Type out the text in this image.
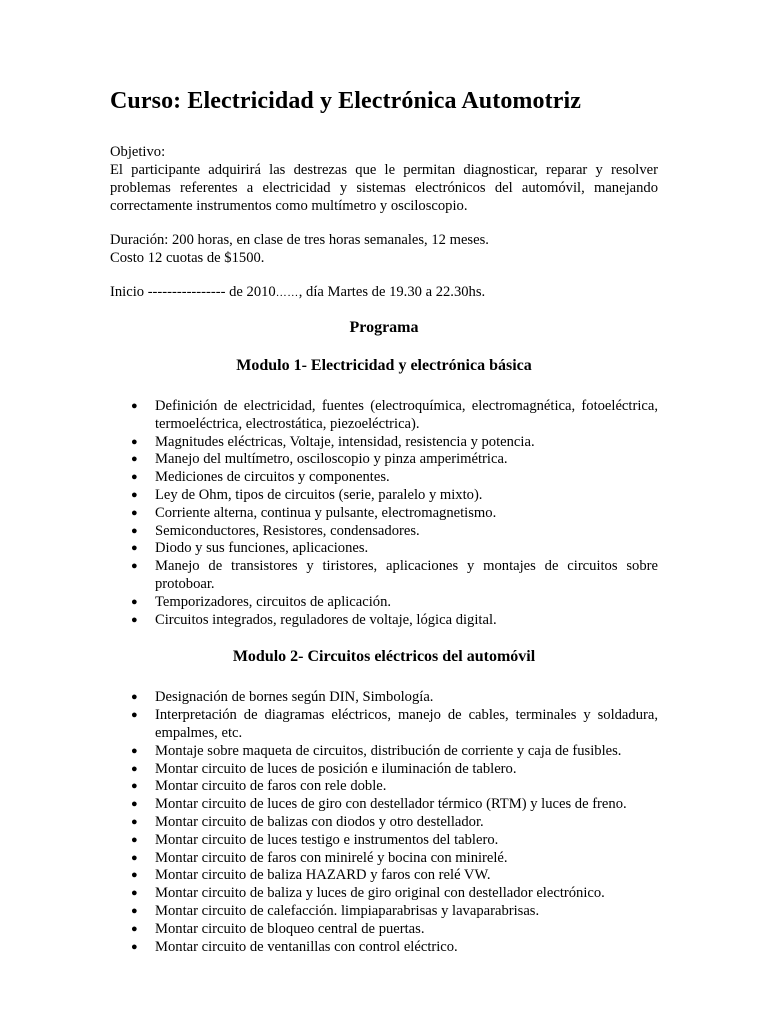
Curso: Electricidad y Electrónica Automotriz

Objetivo:

El participante adquirirá las destrezas que le permitan diagnosticar, reparar y resolver problemas referentes a electricidad y sistemas electrónicos del automóvil, manejando correctamente instrumentos como multímetro y osciloscopio.

Duración: 200 horas, en clase de tres horas semanales, 12 meses.

Costo 12 cuotas de $1500.

Inicio ---------------- de 2010……, día Martes de 19.30 a 22.30hs.

Programa
Modulo 1- Electricidad y electrónica básica
● Definición de electricidad, fuentes (electroquímica, electromagnética, fotoeléctrica, termoeléctrica, electrostática, piezoeléctrica).
● Magnitudes eléctricas, Voltaje, intensidad, resistencia y potencia.
● Manejo del multímetro, osciloscopio y pinza amperimétrica.
● Mediciones de circuitos y componentes.
● Ley de Ohm, tipos de circuitos (serie, paralelo y mixto).
● Corriente alterna, continua y pulsante, electromagnetismo.
● Semiconductores, Resistores, condensadores.
● Diodo y sus funciones, aplicaciones.
● Manejo de transistores y tiristores, aplicaciones y montajes de circuitos sobre protoboar.
● Temporizadores, circuitos de aplicación.
● Circuitos integrados, reguladores de voltaje, lógica digital.
Modulo 2- Circuitos eléctricos del automóvil
● Designación de bornes según DIN, Simbología.
● Interpretación de diagramas eléctricos, manejo de cables, terminales y soldadura, empalmes, etc.
● Montaje sobre maqueta de circuitos, distribución de corriente y caja de fusibles.
● Montar circuito de luces de posición e iluminación de tablero.
● Montar circuito de faros con rele doble.
● Montar circuito de luces de giro con destellador térmico (RTM) y luces de freno.
● Montar circuito de balizas con diodos y otro destellador.
● Montar circuito de luces testigo e instrumentos del tablero.
● Montar circuito de faros con minirelé y bocina con minirelé.
● Montar circuito de baliza HAZARD y faros con relé VW.
● Montar circuito de baliza y luces de giro original con destellador electrónico.
● Montar circuito de calefacción. limpiaparabrisas y lavaparabrisas.
● Montar circuito de bloqueo central de puertas.
● Montar circuito de ventanillas con control eléctrico.
